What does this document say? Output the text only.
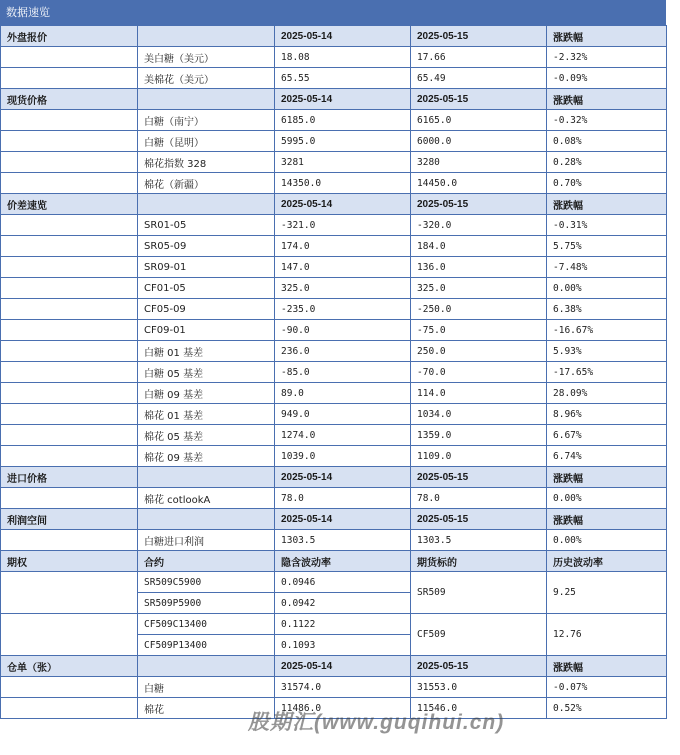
数据速览
外盘报价		2025-05-14	2025-05-15	涨跌幅
	美白糖（美元）	18.08	17.66	-2.32%
	美棉花（美元）	65.55	65.49	-0.09%
现货价格		2025-05-14	2025-05-15	涨跌幅
	白糖（南宁）	6185.0	6165.0	-0.32%
	白糖（昆明）	5995.0	6000.0	0.08%
	棉花指数 328	3281	3280	0.28%
	棉花（新疆）	14350.0	14450.0	0.70%
价差速览		2025-05-14	2025-05-15	涨跌幅
	SR01-05	-321.0	-320.0	-0.31%
	SR05-09	174.0	184.0	5.75%
	SR09-01	147.0	136.0	-7.48%
	CF01-05	325.0	325.0	0.00%
	CF05-09	-235.0	-250.0	6.38%
	CF09-01	-90.0	-75.0	-16.67%
	白糖 01 基差	236.0	250.0	5.93%
	白糖 05 基差	-85.0	-70.0	-17.65%
	白糖 09 基差	89.0	114.0	28.09%
	棉花 01 基差	949.0	1034.0	8.96%
	棉花 05 基差	1274.0	1359.0	6.67%
	棉花 09 基差	1039.0	1109.0	6.74%
进口价格		2025-05-14	2025-05-15	涨跌幅
	棉花 cotlookA	78.0	78.0	0.00%
利润空间		2025-05-14	2025-05-15	涨跌幅
	白糖进口利润	1303.5	1303.5	0.00%
期权	合约	隐含波动率	期货标的	历史波动率
	SR509C5900	0.0946	SR509	9.25
	SR509P5900	0.0942		
	CF509C13400	0.1122	CF509	12.76
	CF509P13400	0.1093		
仓单（张）		2025-05-14	2025-05-15	涨跌幅
	白糖	31574.0	31553.0	-0.07%
	棉花	11486.0	11546.0	0.52%
股期汇(www.guqihui.cn)
